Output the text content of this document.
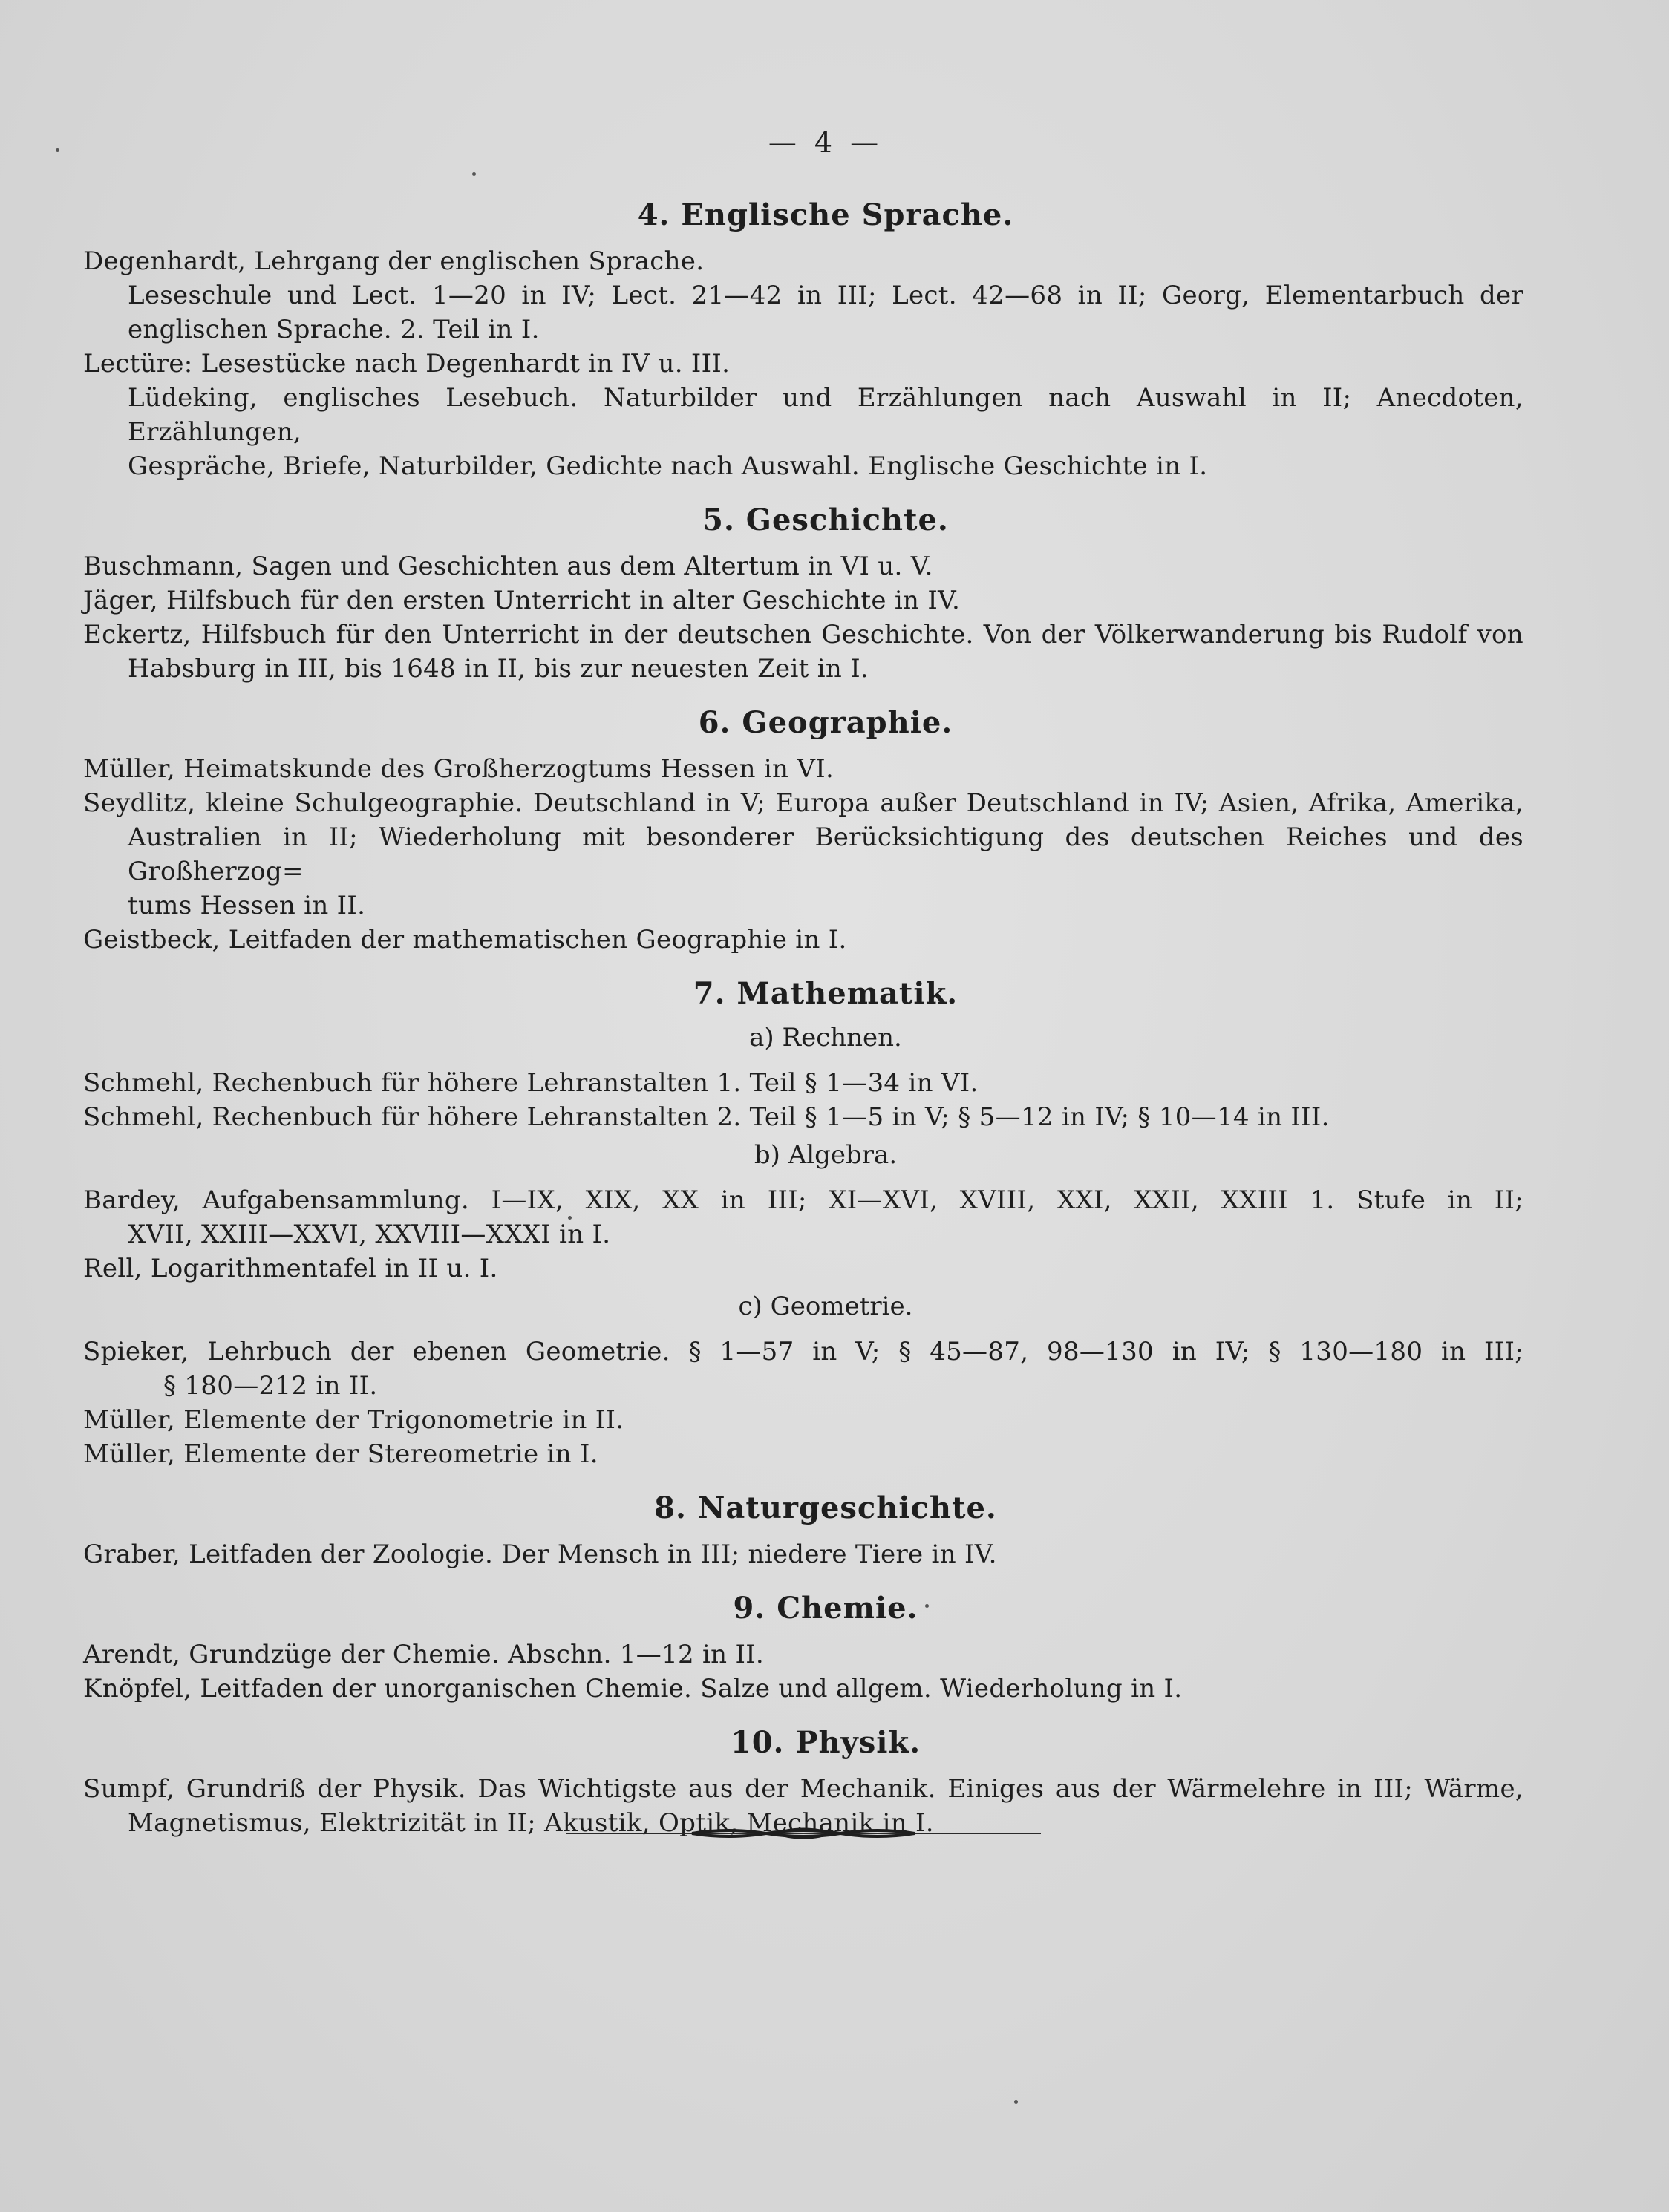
— 4 —
4. Englische Sprache.
Degenhardt, Lehrgang der englischen Sprache.
Leseschule und Lect. 1—20 in IV; Lect. 21—42 in III; Lect. 42—68 in II; Georg, Elementarbuch der
englischen Sprache. 2. Teil in I.
Lectüre: Lesestücke nach Degenhardt in IV u. III.
Lüdeking, englisches Lesebuch. Naturbilder und Erzählungen nach Auswahl in II; Anecdoten, Erzählungen,
Gespräche, Briefe, Naturbilder, Gedichte nach Auswahl. Englische Geschichte in I.
5. Geschichte.
Buschmann, Sagen und Geschichten aus dem Altertum in VI u. V.
Jäger, Hilfsbuch für den ersten Unterricht in alter Geschichte in IV.
Eckertz, Hilfsbuch für den Unterricht in der deutschen Geschichte. Von der Völkerwanderung bis Rudolf von
Habsburg in III, bis 1648 in II, bis zur neuesten Zeit in I.
6. Geographie.
Müller, Heimatskunde des Großherzogtums Hessen in VI.
Seydlitz, kleine Schulgeographie. Deutschland in V; Europa außer Deutschland in IV; Asien, Afrika, Amerika,
Australien in II; Wiederholung mit besonderer Berücksichtigung des deutschen Reiches und des Großherzog=
tums Hessen in II.
Geistbeck, Leitfaden der mathematischen Geographie in I.
7. Mathematik.
a) Rechnen.
Schmehl, Rechenbuch für höhere Lehranstalten 1. Teil § 1—34 in VI.
Schmehl, Rechenbuch für höhere Lehranstalten 2. Teil § 1—5 in V; § 5—12 in IV; § 10—14 in III.
b) Algebra.
Bardey, Aufgabensammlung. I—IX, XIX, XX in III; XI—XVI, XVIII, XXI, XXII, XXIII 1. Stufe in II;
XVII, XXIII—XXVI, XXVIII—XXXI in I.
Rell, Logarithmentafel in II u. I.
c) Geometrie.
Spieker, Lehrbuch der ebenen Geometrie. § 1—57 in V; § 45—87, 98—130 in IV; § 130—180 in III;
§ 180—212 in II.
Müller, Elemente der Trigonometrie in II.
Müller, Elemente der Stereometrie in I.
8. Naturgeschichte.
Graber, Leitfaden der Zoologie. Der Mensch in III; niedere Tiere in IV.
9. Chemie.
Arendt, Grundzüge der Chemie. Abschn. 1—12 in II.
Knöpfel, Leitfaden der unorganischen Chemie. Salze und allgem. Wiederholung in I.
10. Physik.
Sumpf, Grundriß der Physik. Das Wichtigste aus der Mechanik. Einiges aus der Wärmelehre in III; Wärme,
Magnetismus, Elektrizität in II; Akustik, Optik, Mechanik in I.
